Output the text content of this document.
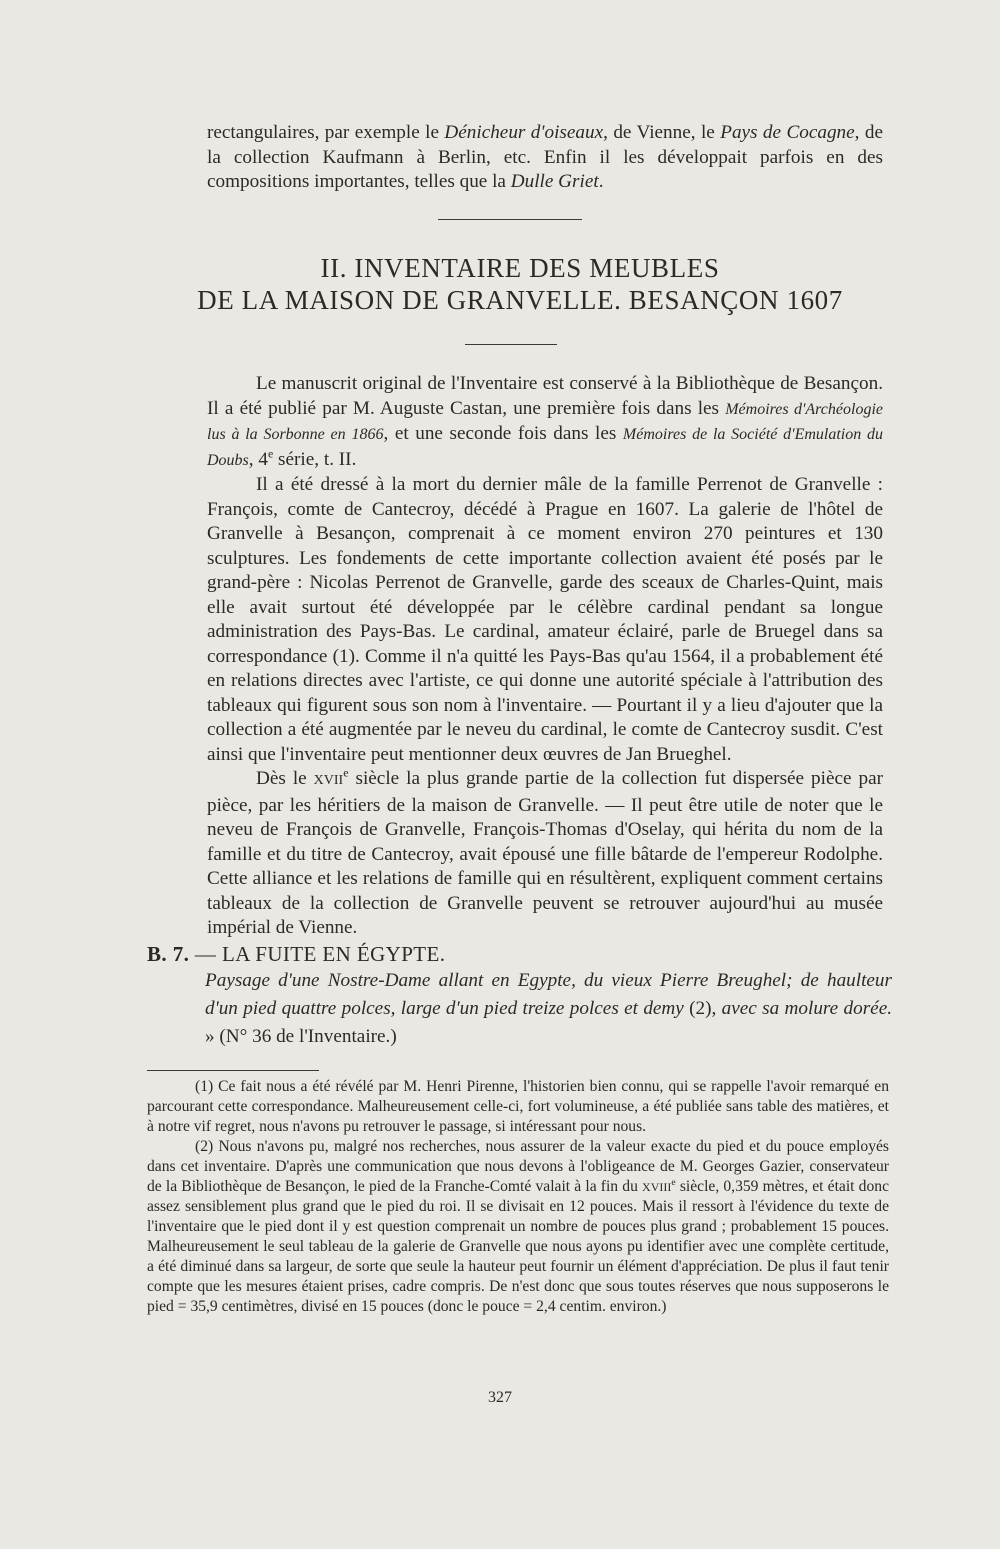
rectangulaires, par exemple le Dénicheur d'oiseaux, de Vienne, le Pays de Cocagne, de la collection Kaufmann à Berlin, etc. Enfin il les développait parfois en des compositions importantes, telles que la Dulle Griet.

II. INVENTAIRE DES MEUBLES
DE LA MAISON DE GRANVELLE. BESANÇON 1607

Le manuscrit original de l'Inventaire est conservé à la Bibliothèque de Besançon. Il a été publié par M. Auguste Castan, une première fois dans les Mémoires d'Archéologie lus à la Sorbonne en 1866, et une seconde fois dans les Mémoires de la Société d'Emulation du Doubs, 4e série, t. II.

Il a été dressé à la mort du dernier mâle de la famille Perrenot de Granvelle : François, comte de Cantecroy, décédé à Prague en 1607. La galerie de l'hôtel de Granvelle à Besançon, comprenait à ce moment environ 270 peintures et 130 sculptures. Les fondements de cette importante collection avaient été posés par le grand-père : Nicolas Perrenot de Granvelle, garde des sceaux de Charles-Quint, mais elle avait surtout été développée par le célèbre cardinal pendant sa longue administration des Pays-Bas. Le cardinal, amateur éclairé, parle de Bruegel dans sa correspondance (1). Comme il n'a quitté les Pays-Bas qu'au 1564, il a probablement été en relations directes avec l'artiste, ce qui donne une autorité spéciale à l'attribution des tableaux qui figurent sous son nom à l'inventaire. — Pourtant il y a lieu d'ajouter que la collection a été augmentée par le neveu du cardinal, le comte de Cantecroy susdit. C'est ainsi que l'inventaire peut mentionner deux œuvres de Jan Brueghel.

Dès le XVIIe siècle la plus grande partie de la collection fut dispersée pièce par pièce, par les héritiers de la maison de Granvelle. — Il peut être utile de noter que le neveu de François de Granvelle, François-Thomas d'Oselay, qui hérita du nom de la famille et du titre de Cantecroy, avait épousé une fille bâtarde de l'empereur Rodolphe. Cette alliance et les relations de famille qui en résultèrent, expliquent comment certains tableaux de la collection de Granvelle peuvent se retrouver aujourd'hui au musée impérial de Vienne.

B. 7. — LA FUITE EN ÉGYPTE.

Paysage d'une Nostre-Dame allant en Egypte, du vieux Pierre Breughel; de haulteur d'un pied quattre polces, large d'un pied treize polces et demy (2), avec sa molure dorée. » (N° 36 de l'Inventaire.)

(1) Ce fait nous a été révélé par M. Henri Pirenne, l'historien bien connu, qui se rappelle l'avoir remarqué en parcourant cette correspondance. Malheureusement celle-ci, fort volumineuse, a été publiée sans table des matières, et à notre vif regret, nous n'avons pu retrouver le passage, si intéressant pour nous.

(2) Nous n'avons pu, malgré nos recherches, nous assurer de la valeur exacte du pied et du pouce employés dans cet inventaire. D'après une communication que nous devons à l'obligeance de M. Georges Gazier, conservateur de la Bibliothèque de Besançon, le pied de la Franche-Comté valait à la fin du XVIIIe siècle, 0,359 mètres, et était donc assez sensiblement plus grand que le pied du roi. Il se divisait en 12 pouces. Mais il ressort à l'évidence du texte de l'inventaire que le pied dont il y est question comprenait un nombre de pouces plus grand ; probablement 15 pouces. Malheureusement le seul tableau de la galerie de Granvelle que nous ayons pu identifier avec une complète certitude, a été diminué dans sa largeur, de sorte que seule la hauteur peut fournir un élément d'appréciation. De plus il faut tenir compte que les mesures étaient prises, cadre compris. De n'est donc que sous toutes réserves que nous supposerons le pied = 35,9 centimètres, divisé en 15 pouces (donc le pouce = 2,4 centim. environ.)

327
